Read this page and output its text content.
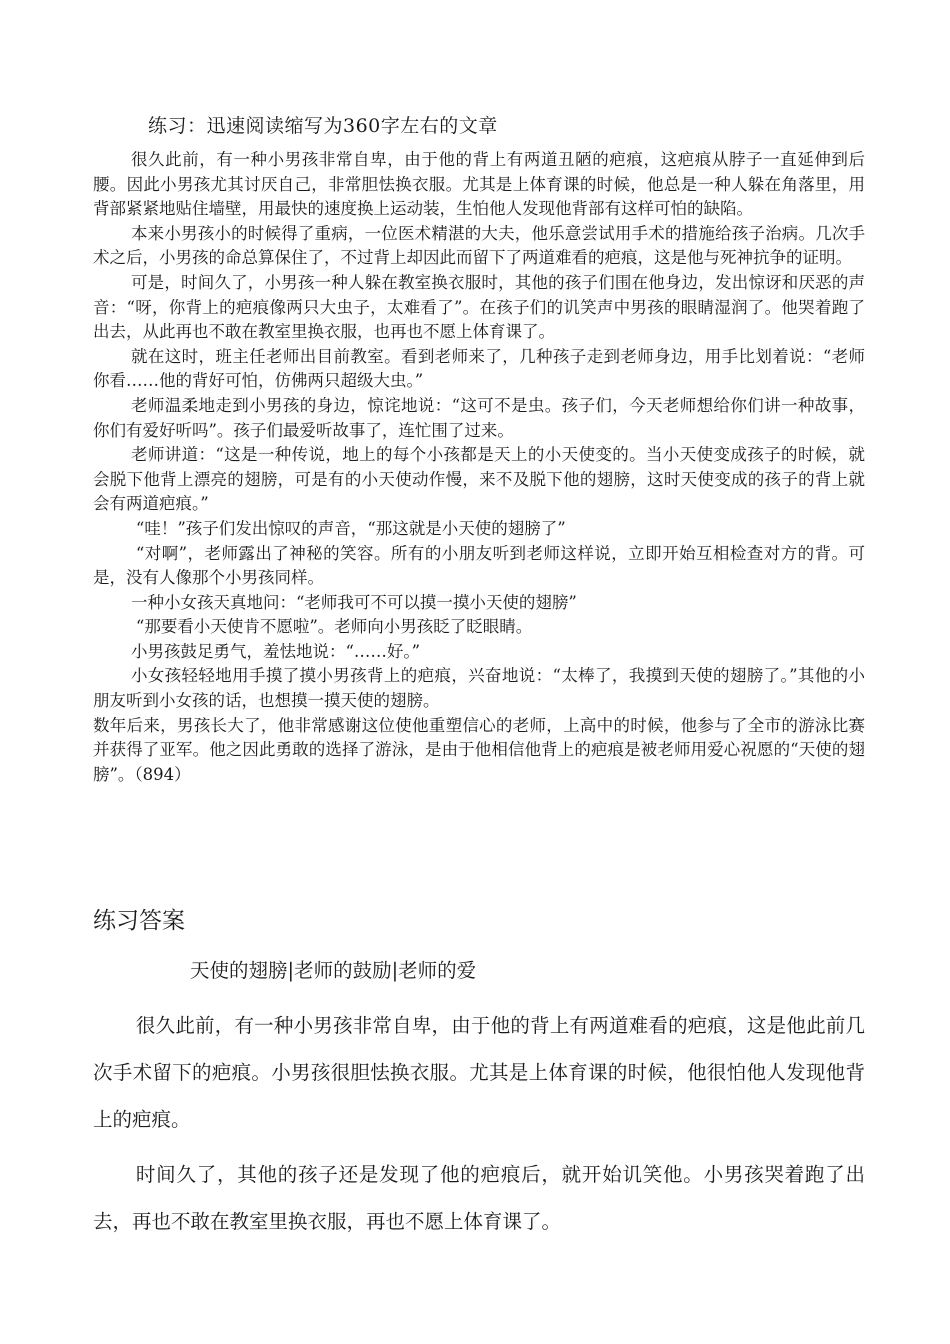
练习：迅速阅读缩写为360字左右的文章

很久此前，有一种小男孩非常自卑，由于他的背上有两道丑陋的疤痕，这疤痕从脖子一直延伸到后腰。因此小男孩尤其讨厌自己，非常胆怯换衣服。尤其是上体育课的时候，他总是一种人躲在角落里，用背部紧紧地贴住墙壁，用最快的速度换上运动装，生怕他人发现他背部有这样可怕的缺陷。

本来小男孩小的时候得了重病，一位医术精湛的大夫，他乐意尝试用手术的措施给孩子治病。几次手术之后，小男孩的命总算保住了，不过背上却因此而留下了两道难看的疤痕，这是他与死神抗争的证明。

可是，时间久了，小男孩一种人躲在教室换衣服时，其他的孩子们围在他身边，发出惊讶和厌恶的声音：“呀，你背上的疤痕像两只大虫子，太难看了”。在孩子们的讥笑声中男孩的眼睛湿润了。他哭着跑了出去，从此再也不敢在教室里换衣服，也再也不愿上体育课了。

就在这时，班主任老师出目前教室。看到老师来了，几种孩子走到老师身边，用手比划着说：“老师你看……他的背好可怕，仿佛两只超级大虫。”

老师温柔地走到小男孩的身边，惊诧地说：“这可不是虫。孩子们，今天老师想给你们讲一种故事，你们有爱好听吗”。孩子们最爱听故事了，连忙围了过来。

老师讲道：“这是一种传说，地上的每个小孩都是天上的小天使变的。当小天使变成孩子的时候，就会脱下他背上漂亮的翅膀，可是有的小天使动作慢，来不及脱下他的翅膀，这时天使变成的孩子的背上就会有两道疤痕。”

“哇！”孩子们发出惊叹的声音，“那这就是小天使的翅膀了”

“对啊”，老师露出了神秘的笑容。所有的小朋友听到老师这样说，立即开始互相检查对方的背。可是，没有人像那个小男孩同样。

一种小女孩天真地问：“老师我可不可以摸一摸小天使的翅膀”

“那要看小天使肯不愿啦”。老师向小男孩眨了眨眼睛。

小男孩鼓足勇气，羞怯地说：“……好。”

小女孩轻轻地用手摸了摸小男孩背上的疤痕，兴奋地说：“太棒了，我摸到天使的翅膀了。”其他的小朋友听到小女孩的话，也想摸一摸天使的翅膀。

数年后来，男孩长大了，他非常感谢这位使他重塑信心的老师，上高中的时候，他参与了全市的游泳比赛并获得了亚军。他之因此勇敢的选择了游泳，是由于他相信他背上的疤痕是被老师用爱心祝愿的“天使的翅膀”。（894）

练习答案
天使的翅膀|老师的鼓励|老师的爱

很久此前，有一种小男孩非常自卑，由于他的背上有两道难看的疤痕，这是他此前几次手术留下的疤痕。小男孩很胆怯换衣服。尤其是上体育课的时候，他很怕他人发现他背上的疤痕。

时间久了，其他的孩子还是发现了他的疤痕后，就开始讥笑他。小男孩哭着跑了出去，再也不敢在教室里换衣服，再也不愿上体育课了。
